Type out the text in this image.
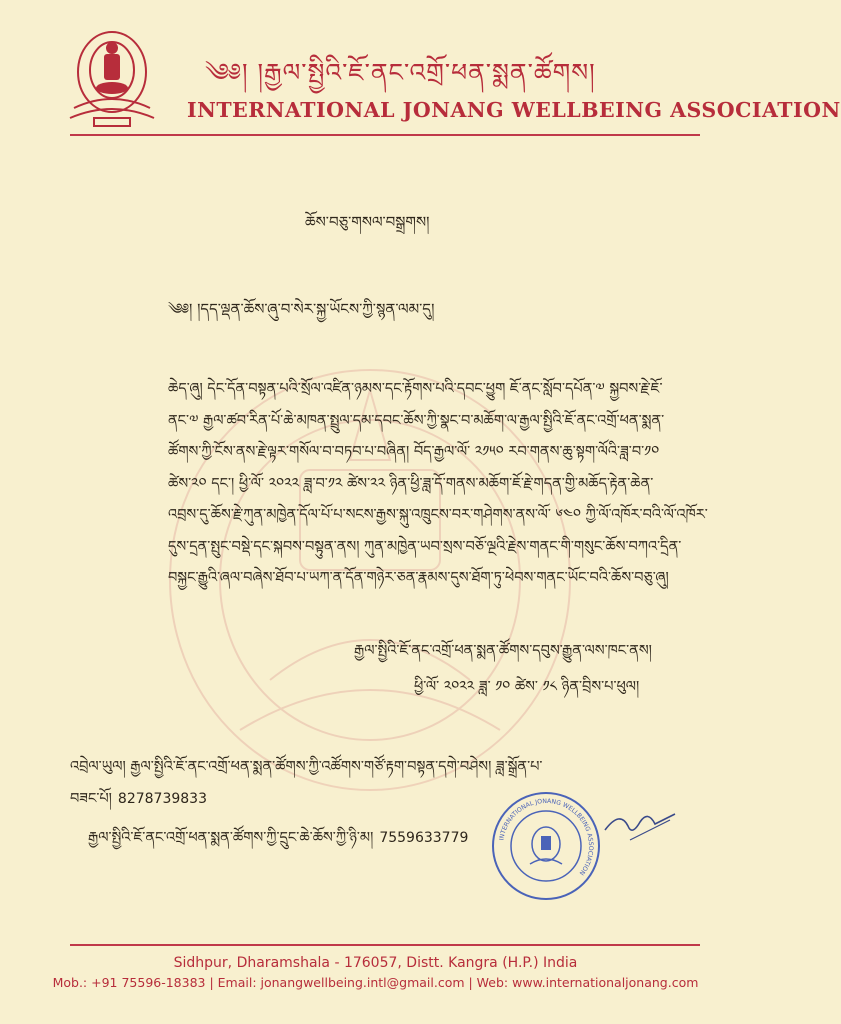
༄༅། །རྒྱལ་སྤྱིའི་ཇོ་ནང་འགྲོ་ཕན་སྨན་ཚོགས།
INTERNATIONAL JONANG WELLBEING ASSOCIATION
ཆོས་བཅུ་གསལ་བསྒྲགས།
༄༅། །དད་ལྡན་ཆོས་ཞུ་བ་སེར་སྐྱ་ཡོངས་ཀྱི་སྙན་ལམ་དུ།
ཆེད་ཞུ། དེང་དོན་བསྟན་པའི་སྲོལ་འཛིན་ཉམས་དང་རྟོགས་པའི་དབང་ཕྱུག ཇོ་ནང་སློབ་དཔོན་༧ སྐྱབས་རྗེ་ཇོ་
ནང་༧ རྒྱལ་ཚབ་རིན་པོ་ཆེ་མཁན་སྤྲུལ་དམ་དབང་ཆོས་ཀྱི་སྣང་བ་མཆོག་ལ་རྒྱལ་སྤྱིའི་ཇོ་ནང་འགྲོ་ཕན་སྨན་
ཚོགས་ཀྱི་ངོས་ནས་རྗེ་ལྟར་གསོལ་བ་བཏབ་པ་བཞིན། བོད་རྒྱལ་ལོ་ ༢༡༥༠ རབ་གནས་ཆུ་སྟག་ལོའི་ཟླ་བ་༡༠
ཚེས་༢༠ དང་། ཕྱི་ལོ་ ༢༠༢༢ ཟླ་བ་༡༢ ཚེས་༢༢ ཉིན་ཕྱི་ཟླ་དོ་གནས་མཆོག་ཇོ་རྗེ་གདན་གྱི་མཆོད་རྟེན་ཆེན་
འབྲས་དུ་ཆོས་རྗེ་ཀུན་མཁྱེན་དོལ་པོ་པ་སངས་རྒྱས་སྐུ་འཁྲུངས་བར་གཤེགས་ནས་ལོ་ ༦༤༠ ཀྱི་ལོ་འཁོར་བའི་ལོ་འཁོར་
དུས་དྲན་སྤུང་བསྡེ་དང་སྐབས་བསྟུན་ནས། ཀུན་མཁྱེན་ཡབ་སྲས་བཅོ་ལྔའི་རྗེས་གནང་གི་གསུང་ཆོས་བཀའ་དྲིན་
བསྐྱང་རྒྱུའི་ཞལ་བཞེས་ཐོབ་པ་ཡཀ་ན་དོན་གཉེར་ཅན་རྣམས་དུས་ཐོག་ཏུ་ཕེབས་གནང་ཡོང་བའི་ཆོས་བཅུ་ཞུ།
རྒྱལ་སྤྱིའི་ཇོ་ནང་འགྲོ་ཕན་སྨན་ཚོགས་དབུས་རྒྱུན་ལས་ཁང་ནས།
ཕྱི་ལོ་ ༢༠༢༢ ཟླ་ ༡༠ ཚེས་ ༡༨ ཉིན་བྲིས་པ་ཕུལ།
འབྲེལ་ཡུལ། རྒྱལ་སྤྱིའི་ཇོ་ནང་འགྲོ་ཕན་སྨན་ཚོགས་ཀྱི་འཚོགས་གཙོ་རྟག་བསྟན་དགེ་བཤེས། ཟླ་སྒྲོན་པ་
བཟང་པོ། 8278739833
རྒྱལ་སྤྱིའི་ཇོ་ནང་འགྲོ་ཕན་སྨན་ཚོགས་ཀྱི་དྲུང་ཆེ་ཆོས་ཀྱི་ཉི་མ། 7559633779	INTERNATIONAL JONANG WELLBEING ASSOCIATION
Sidhpur, Dharamshala - 176057, Distt. Kangra (H.P.) India
Mob.: +91 75596-18383 | Email: jonangwellbeing.intl@gmail.com | Web: www.internationaljonang.com
